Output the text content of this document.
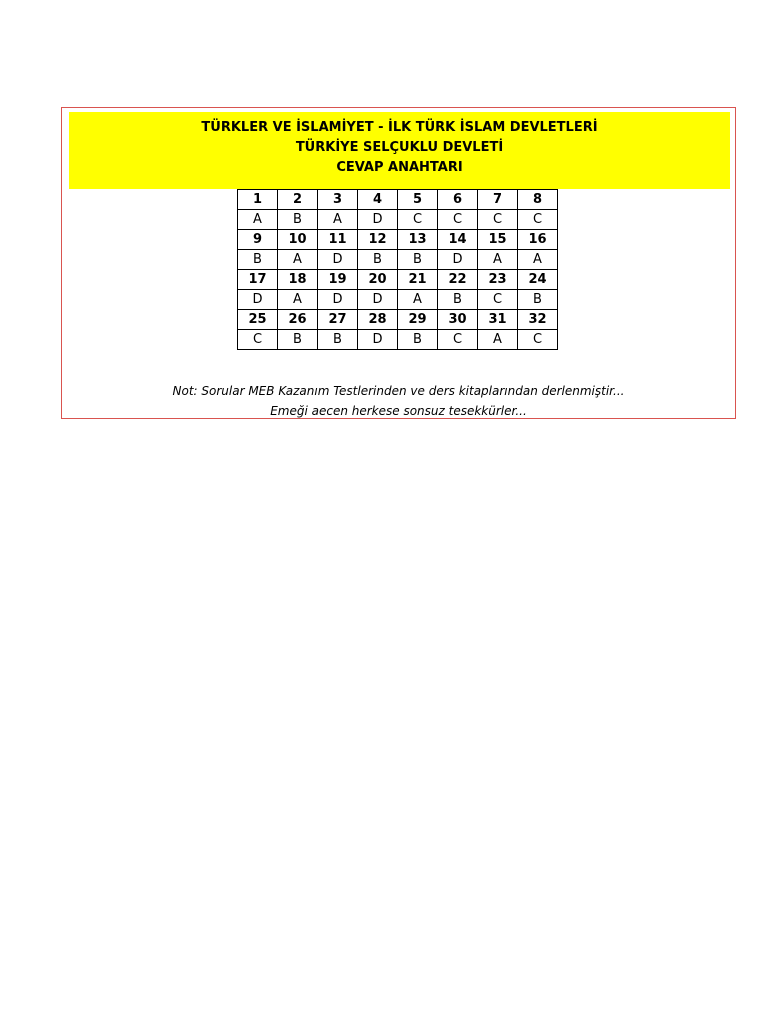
TÜRKLER VE İSLAMİYET - İLK TÜRK İSLAM DEVLETLERİ
TÜRKİYE SELÇUKLU DEVLETİ
CEVAP ANAHTARI
1	2	3	4	5	6	7	8
A	B	A	D	C	C	C	C
9	10	11	12	13	14	15	16
B	A	D	B	B	D	A	A
17	18	19	20	21	22	23	24
D	A	D	D	A	B	C	B
25	26	27	28	29	30	31	32
C	B	B	D	B	C	A	C
Not: Sorular MEB Kazanım Testlerinden ve ders kitaplarından derlenmiştir...
Emeği aecen herkese sonsuz tesekkürler...
